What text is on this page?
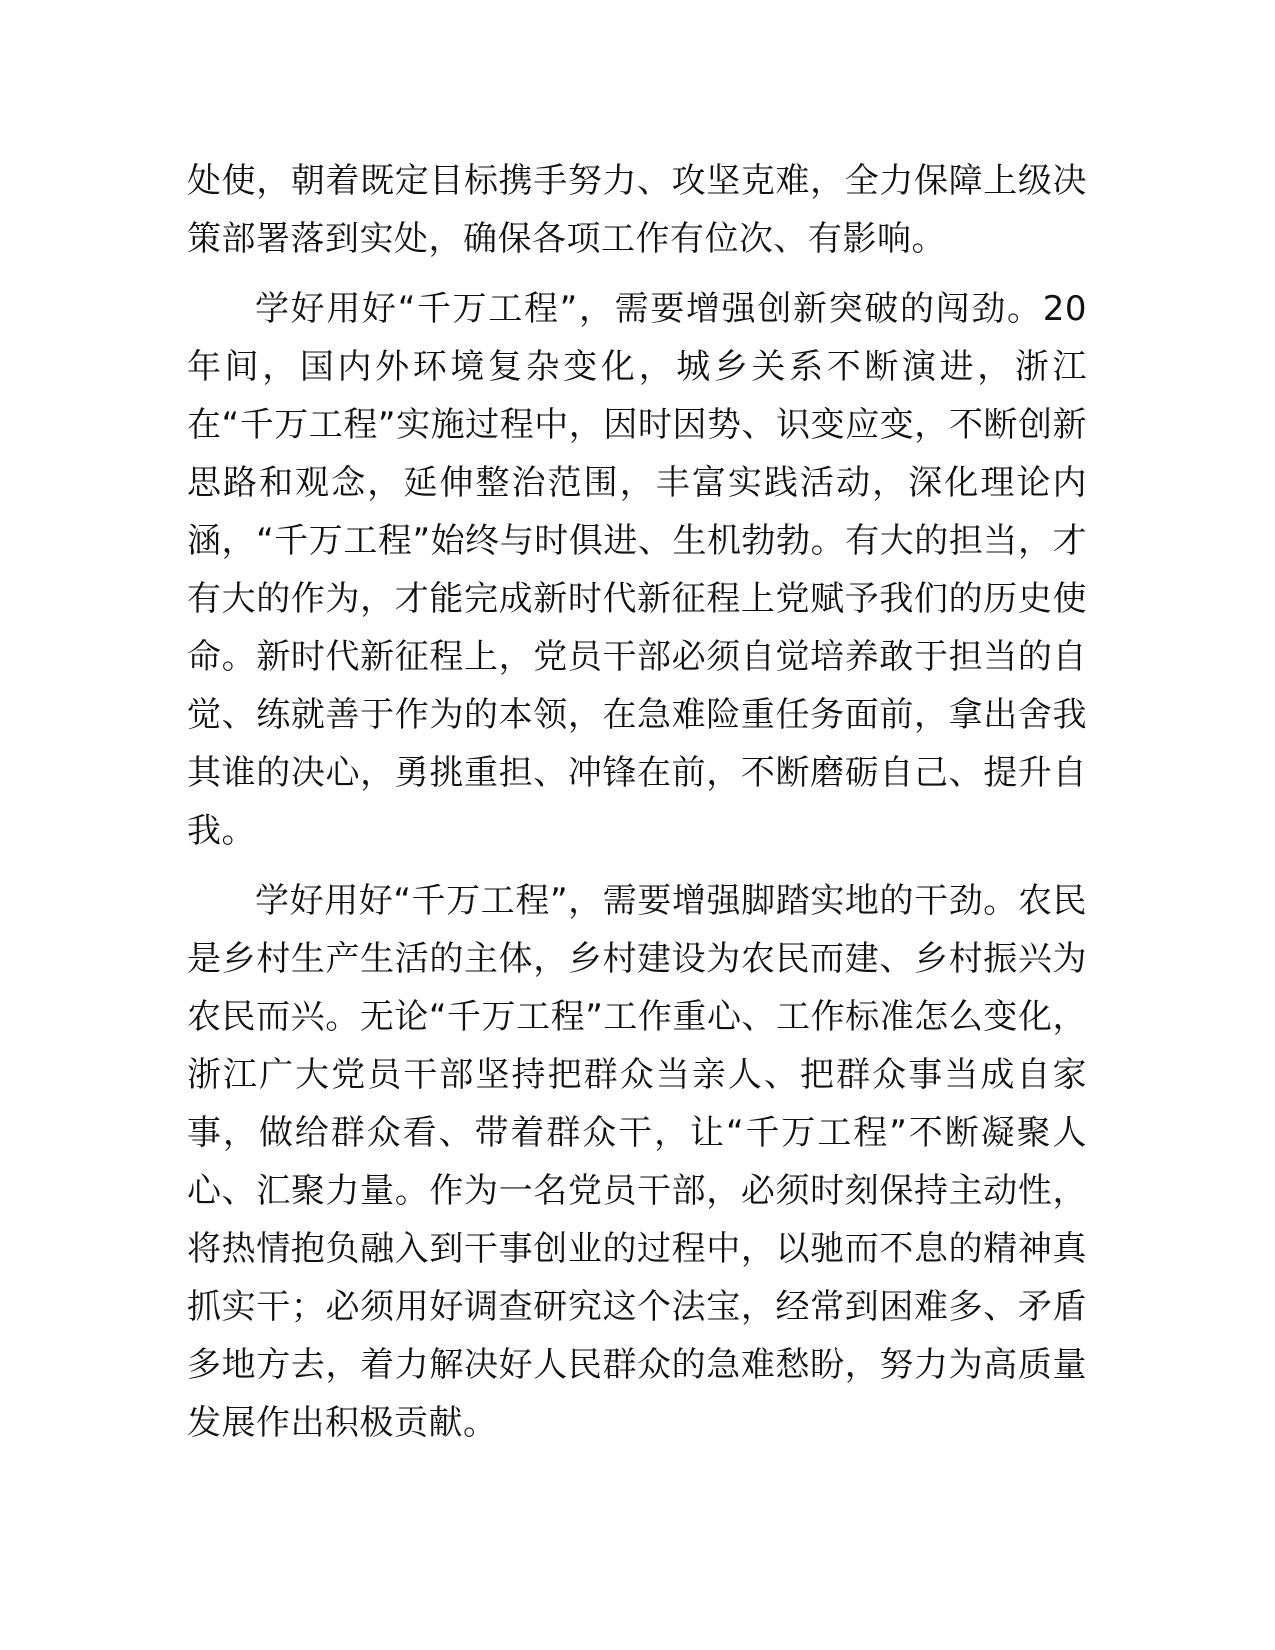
处使，朝着既定目标携手努力、攻坚克难，全力保障上级决策部署落到实处，确保各项工作有位次、有影响。

学好用好“千万工程”，需要增强创新突破的闯劲。20 年间，国内外环境复杂变化，城乡关系不断演进，浙江在“千万工程”实施过程中，因时因势、识变应变，不断创新思路和观念，延伸整治范围，丰富实践活动，深化理论内涵，“千万工程”始终与时俱进、生机勃勃。有大的担当，才有大的作为，才能完成新时代新征程上党赋予我们的历史使命。新时代新征程上，党员干部必须自觉培养敢于担当的自觉、练就善于作为的本领，在急难险重任务面前，拿出舍我其谁的决心，勇挑重担、冲锋在前，不断磨砺自己、提升自我。

学好用好“千万工程”，需要增强脚踏实地的干劲。农民是乡村生产生活的主体，乡村建设为农民而建、乡村振兴为农民而兴。无论“千万工程”工作重心、工作标准怎么变化，浙江广大党员干部坚持把群众当亲人、把群众事当成自家事，做给群众看、带着群众干，让“千万工程”不断凝聚人心、汇聚力量。作为一名党员干部，必须时刻保持主动性，将热情抱负融入到干事创业的过程中，以驰而不息的精神真抓实干；必须用好调查研究这个法宝，经常到困难多、矛盾多地方去，着力解决好人民群众的急难愁盼，努力为高质量发展作出积极贡献。
